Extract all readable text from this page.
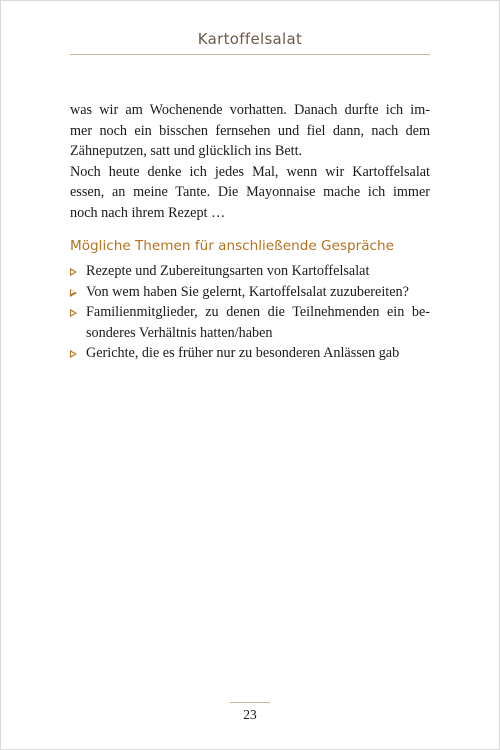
Kartoffelsalat

was wir am Wochenende vorhatten. Danach durfte ich im-
mer noch ein bisschen fernsehen und fiel dann, nach dem
Zähneputzen, satt und glücklich ins Bett.

Noch heute denke ich jedes Mal, wenn wir Kartoffelsalat
essen, an meine Tante. Die Mayonnaise mache ich immer
noch nach ihrem Rezept …

Mögliche Themen für anschließende Gespräche
Rezepte und Zubereitungsarten von Kartoffelsalat
Von wem haben Sie gelernt, Kartoffelsalat zuzubereiten?
Familienmitglieder, zu denen die Teilnehmenden ein be-
sonderes Verhältnis hatten/haben
Gerichte, die es früher nur zu besonderen Anlässen gab
23
